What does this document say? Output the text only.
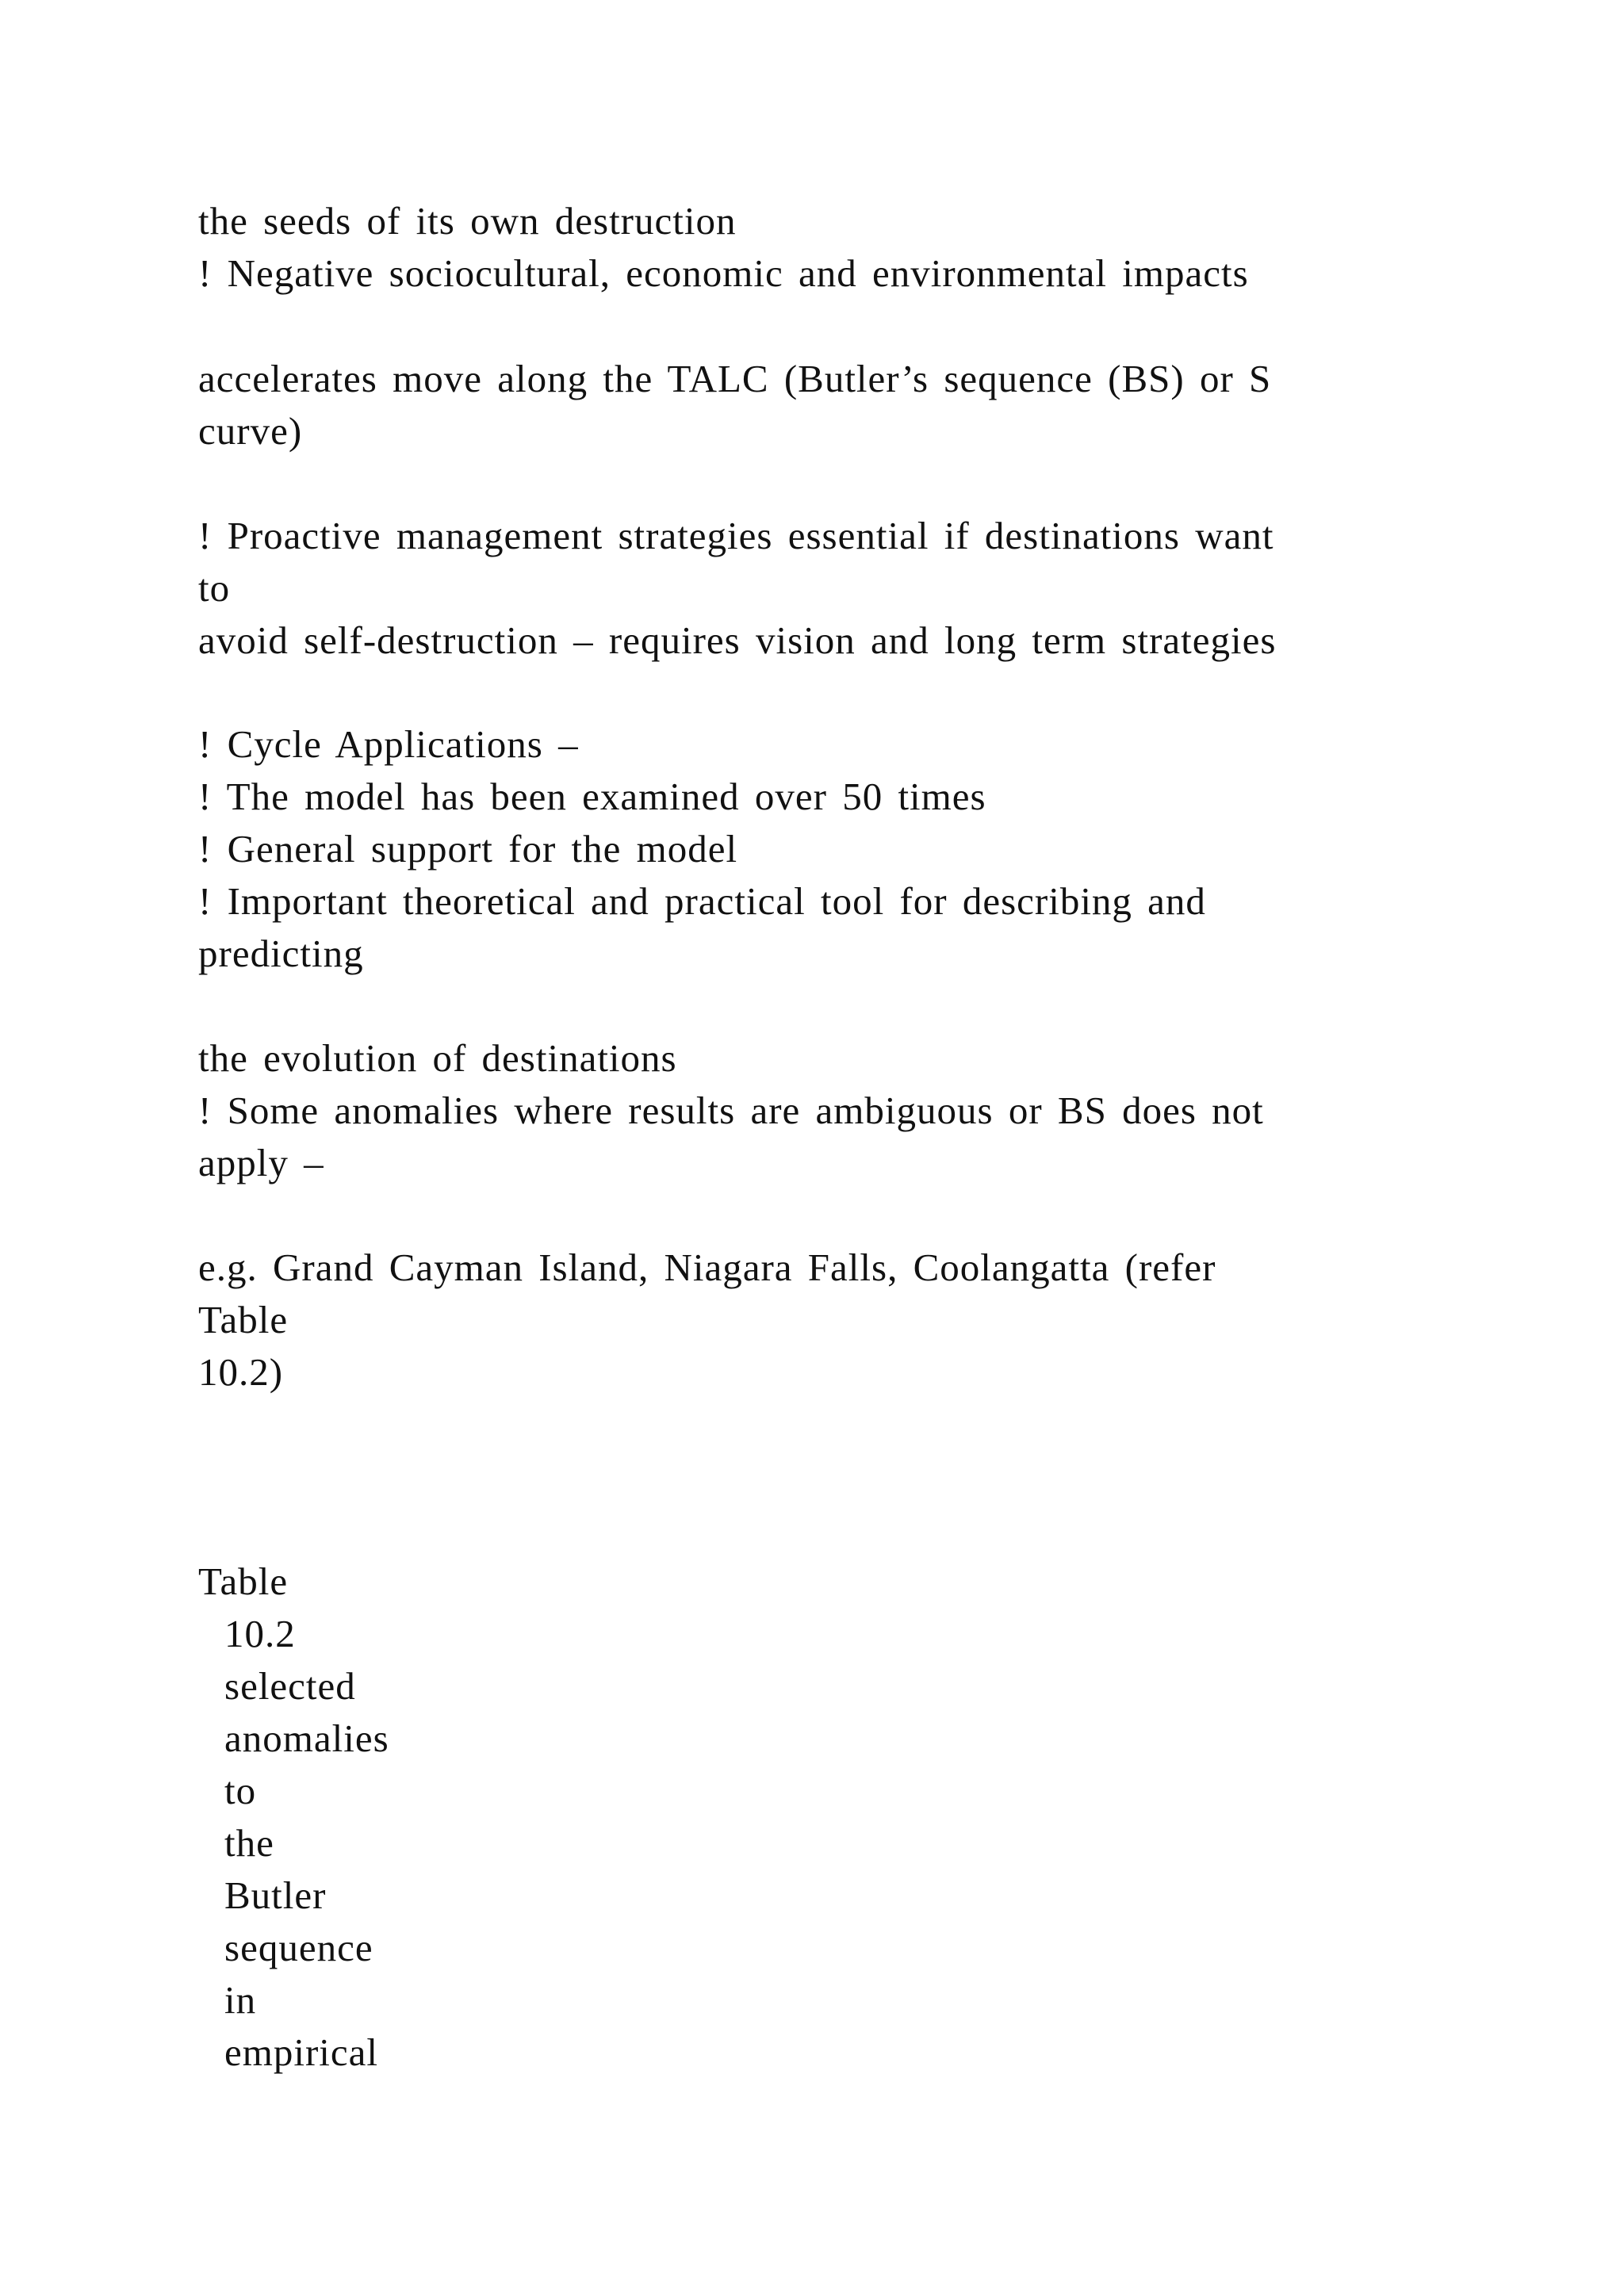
the seeds of its own destruction
! Negative sociocultural, economic and environmental impacts
accelerates move along the TALC (Butler’s sequence (BS) or S
curve)
! Proactive management strategies essential if destinations want
to
avoid self-destruction – requires vision and long term strategies
! Cycle Applications –
! The model has been examined over 50 times
! General support for the model
! Important theoretical and practical tool for describing and
predicting
the evolution of destinations
! Some anomalies where results are ambiguous or BS does not
apply –
e.g. Grand Cayman Island, Niagara Falls, Coolangatta (refer
Table
10.2)
Table
10.2
selected
anomalies
to
the
Butler
sequence
in
empirical
